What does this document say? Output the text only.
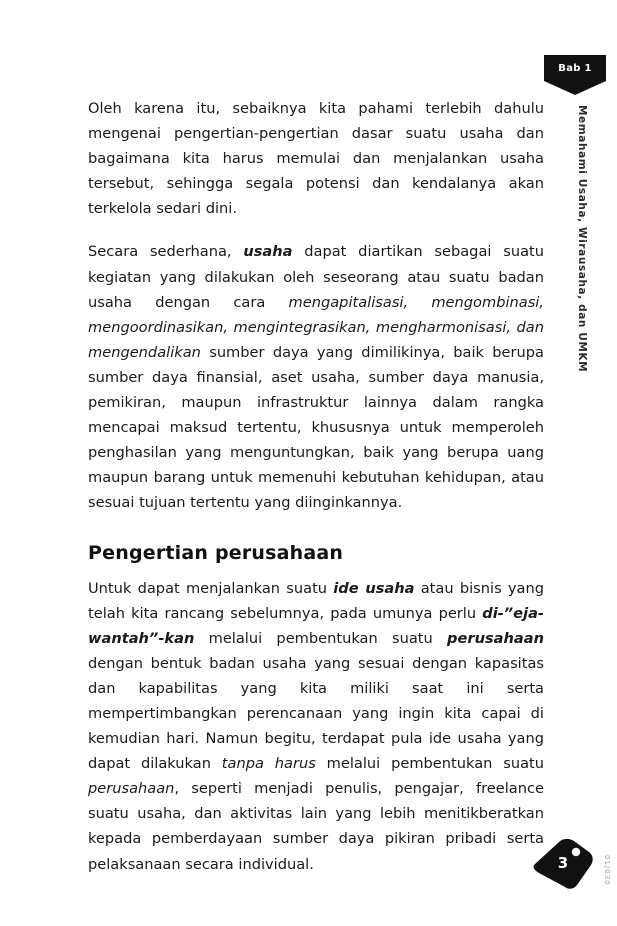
Bab 1
Memahami Usaha, Wirausaha, dan UMKM

Oleh karena itu, sebaiknya kita pahami terlebih dahulu mengenai pengertian-pengertian dasar suatu usaha dan bagaimana kita harus memulai dan menjalankan usaha tersebut, sehingga segala potensi dan kendalanya akan terkelola sedari dini.

Secara sederhana, usaha dapat diartikan sebagai suatu kegiatan yang dilakukan oleh seseorang atau suatu badan usaha dengan cara mengapitalisasi, mengombinasi, mengoordinasikan, mengintegrasikan, mengharmonisasi, dan mengendalikan sumber daya yang dimilikinya, baik berupa sumber daya finansial, aset usaha, sumber daya manusia, pemikiran, maupun infrastruktur lainnya dalam rangka mencapai maksud tertentu, khususnya untuk memperoleh penghasilan yang menguntungkan, baik yang berupa uang maupun barang untuk memenuhi kebutuhan kehidupan, atau sesuai tujuan tertentu yang diinginkannya.

Pengertian perusahaan

Untuk dapat menjalankan suatu ide usaha atau bisnis yang telah kita rancang sebelumnya, pada umunya perlu di-”eja-wantah”-kan melalui pembentukan suatu perusahaan dengan bentuk badan usaha yang sesuai dengan kapasitas dan kapabilitas yang kita miliki saat ini serta mempertimbangkan perencanaan yang ingin kita capai di kemudian hari. Namun begitu, terdapat pula ide usaha yang dapat dilakukan tanpa harus melalui pembentukan suatu perusahaan, seperti menjadi penulis, pengajar, freelance suatu usaha, dan aktivitas lain yang lebih menitikberatkan kepada pemberdayaan sumber daya pikiran pribadi serta pelaksanaan secara individual.	3	01/030
